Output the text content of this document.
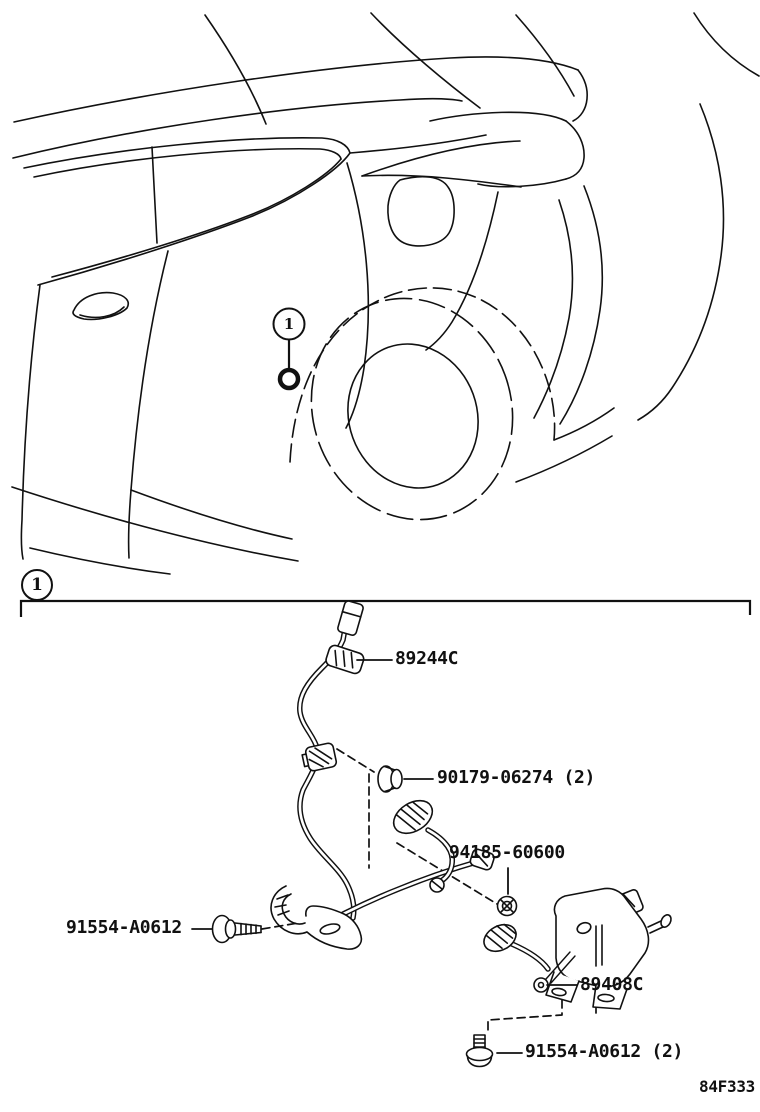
1
1
89244C
90179-06274 (2)
94185-60600
91554-A0612
89408C
91554-A0612 (2)
84F333
